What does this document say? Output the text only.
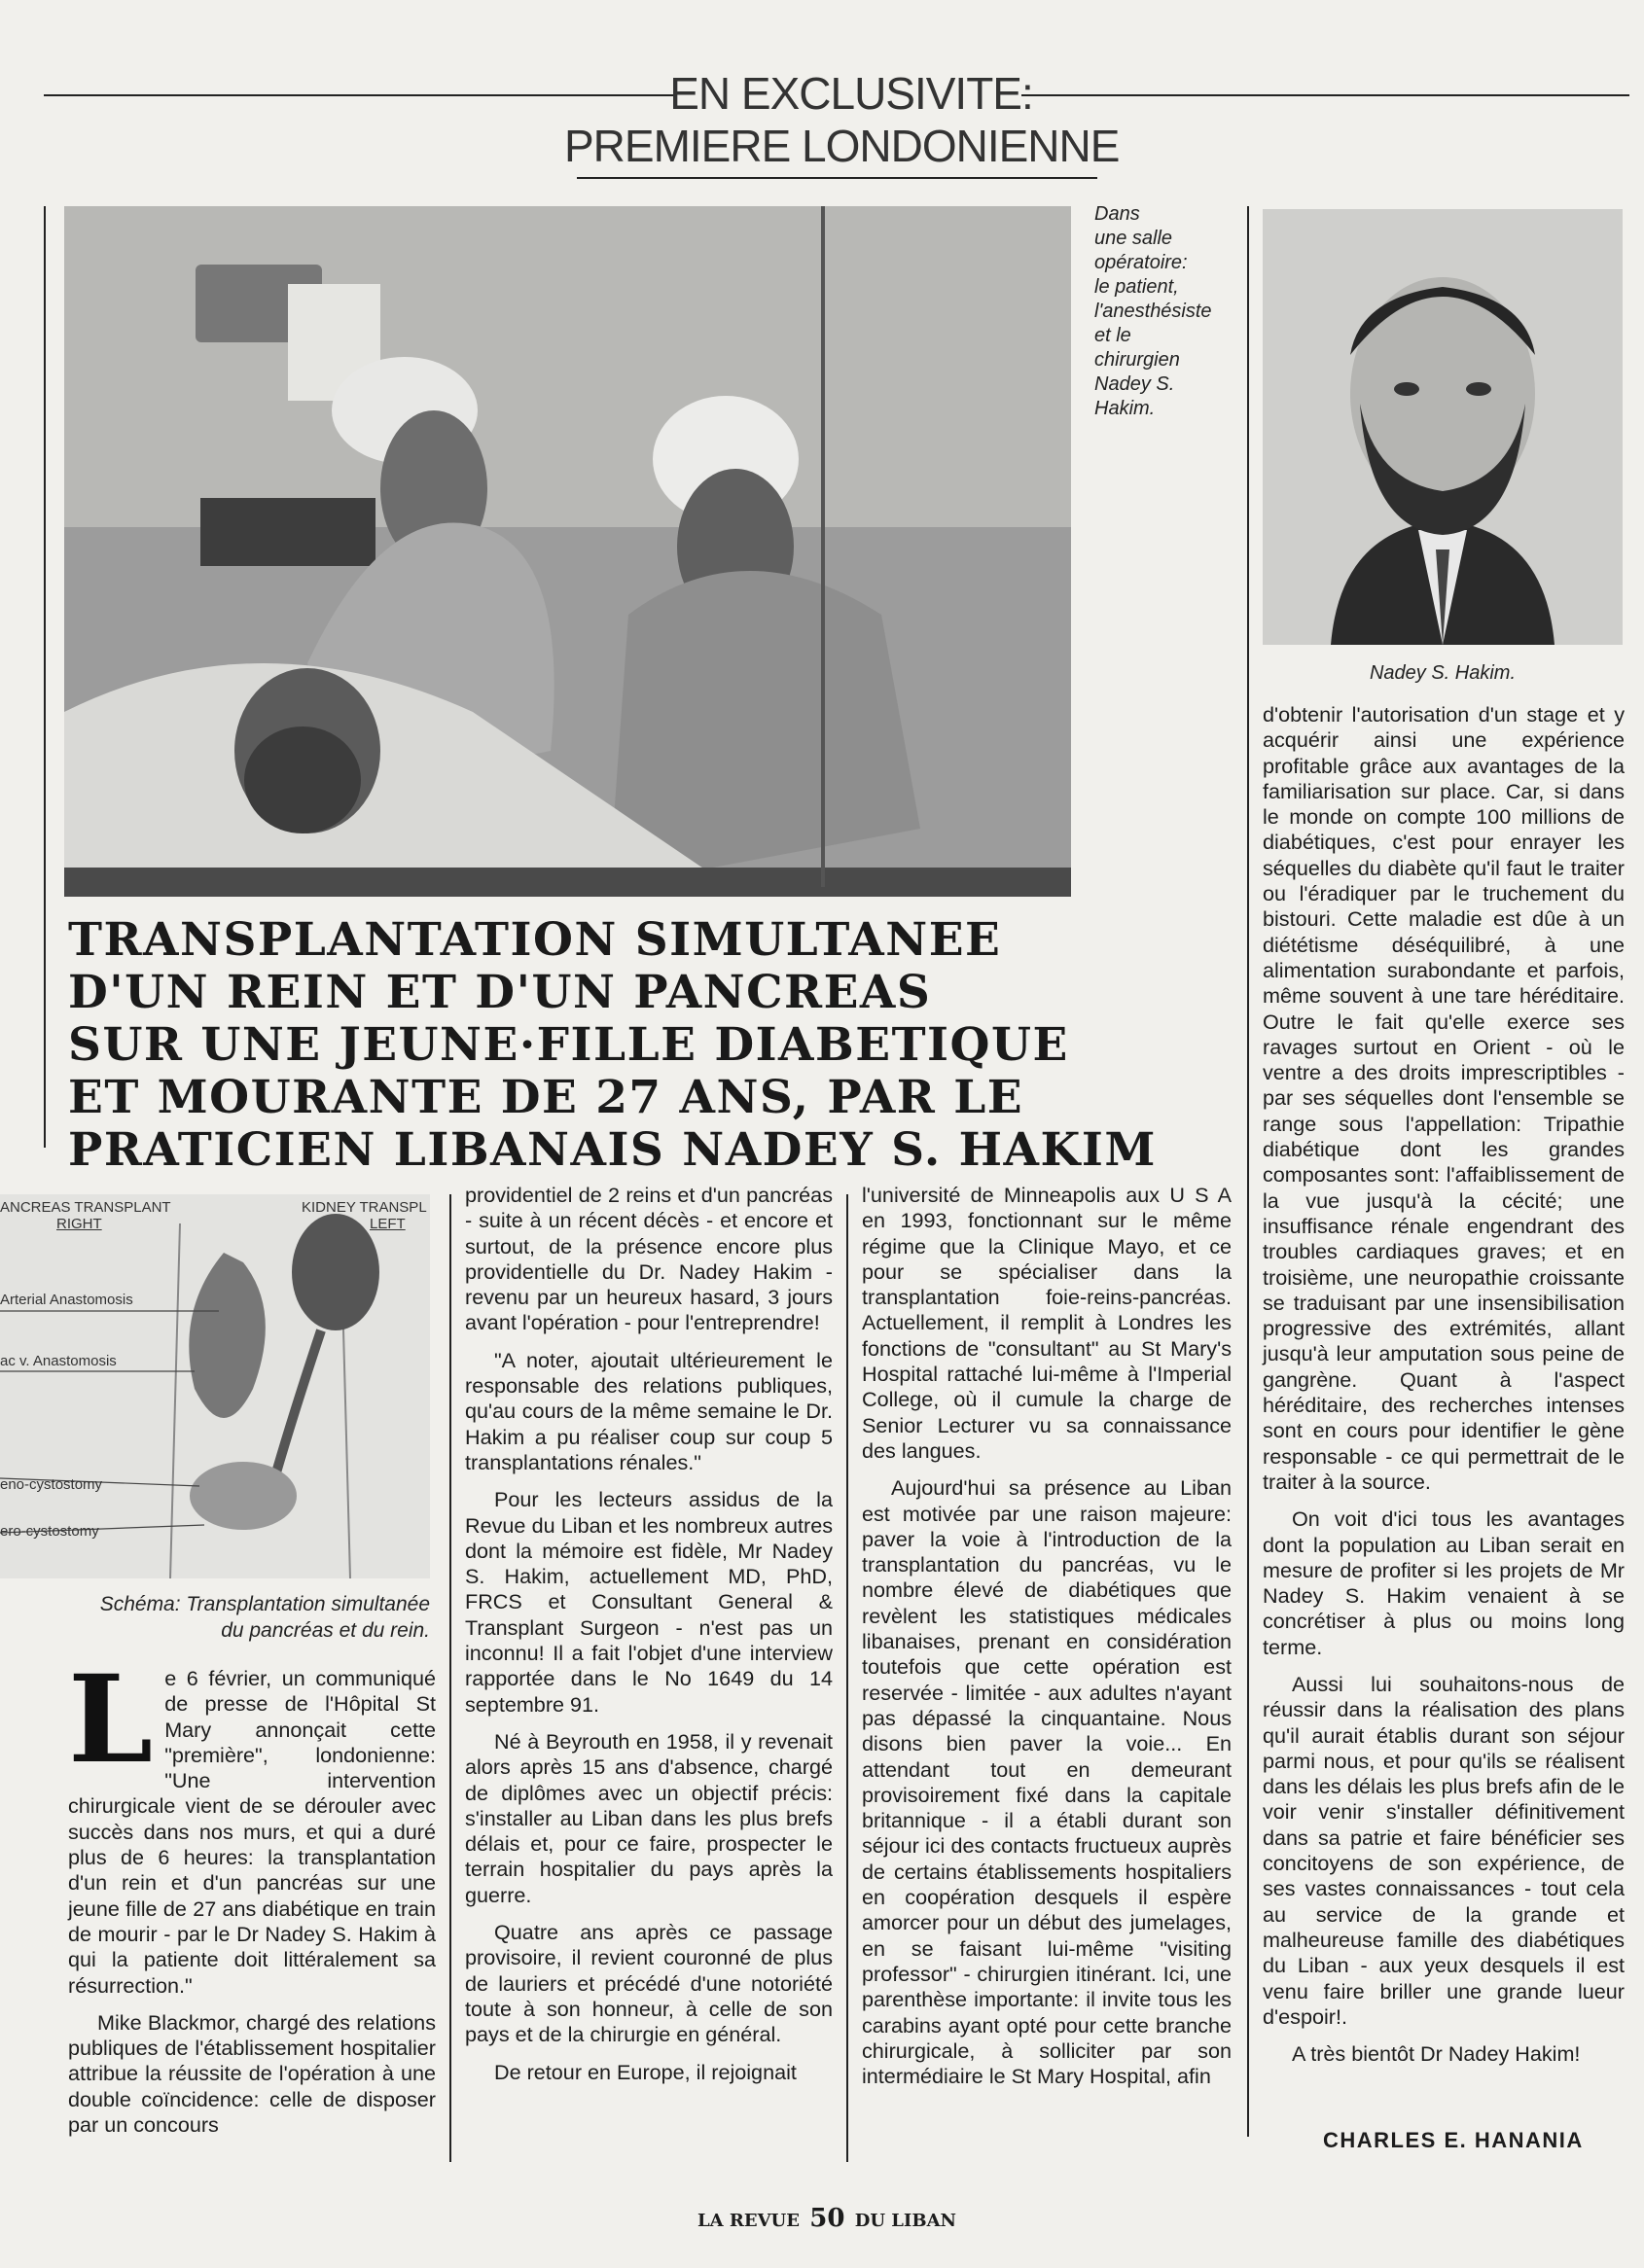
EN EXCLUSIVITE:
PREMIERE LONDONIENNE
Dans
une salle
opératoire:
le patient,
l'anesthésiste
et le
chirurgien
Nadey S.
Hakim.
Nadey S. Hakim.
TRANSPLANTATION SIMULTANEE
D'UN REIN ET D'UN PANCREAS
SUR UNE JEUNE·FILLE DIABETIQUE
ET MOURANTE DE 27 ANS, PAR LE
PRATICIEN LIBANAIS NADEY S. HAKIM
ANCREAS TRANSPLANT
RIGHT
KIDNEY TRANSPL
LEFT
Arterial Anastomosis
ac v. Anastomosis
eno-cystostomy
ero-cystostomy
Schéma: Transplantation simultanée
du pancréas et du rein.

Le 6 février, un communiqué de presse de l'Hôpital St Mary annonçait cette "première", londonienne: "Une intervention chirurgicale vient de se dérouler avec succès dans nos murs, et qui a duré plus de 6 heures: la transplantation d'un rein et d'un pancréas sur une jeune fille de 27 ans diabétique en train de mourir - par le Dr Nadey S. Hakim à qui la patiente doit littéralement sa résurrection."

Mike Blackmor, chargé des relations publiques de l'établissement hospitalier attribue la réussite de l'opération à une double coïncidence: celle de disposer par un concours

providentiel de 2 reins et d'un pancréas - suite à un récent décès - et encore et surtout, de la présence encore plus providentielle du Dr. Nadey Hakim - revenu par un heureux hasard, 3 jours avant l'opération - pour l'entreprendre!

"A noter, ajoutait ultérieurement le responsable des relations publiques, qu'au cours de la même semaine le Dr. Hakim a pu réaliser coup sur coup 5 transplantations rénales."

Pour les lecteurs assidus de la Revue du Liban et les nombreux autres dont la mémoire est fidèle, Mr Nadey S. Hakim, actuellement MD, PhD, FRCS et Consultant General & Transplant Surgeon - n'est pas un inconnu! Il a fait l'objet d'une interview rapportée dans le No 1649 du 14 septembre 91.

Né à Beyrouth en 1958, il y revenait alors après 15 ans d'absence, chargé de diplômes avec un objectif précis: s'installer au Liban dans les plus brefs délais et, pour ce faire, prospecter le terrain hospitalier du pays après la guerre.

Quatre ans après ce passage provisoire, il revient couronné de plus de lauriers et précédé d'une notoriété toute à son honneur, à celle de son pays et de la chirurgie en général.

De retour en Europe, il rejoignait

l'université de Minneapolis aux U S A en 1993, fonctionnant sur le même régime que la Clinique Mayo, et ce pour se spécialiser dans la transplantation foie-reins-pancréas. Actuellement, il remplit à Londres les fonctions de "consultant" au St Mary's Hospital rattaché lui-même à l'Imperial College, où il cumule la charge de Senior Lecturer vu sa connaissance des langues.

Aujourd'hui sa présence au Liban est motivée par une raison majeure: paver la voie à l'introduction de la transplantation du pancréas, vu le nombre élevé de diabétiques que revèlent les statistiques médicales libanaises, prenant en considération toutefois que cette opération est reservée - limitée - aux adultes n'ayant pas dépassé la cinquantaine. Nous disons bien paver la voie... En attendant tout en demeurant provisoirement fixé dans la capitale britannique - il a établi durant son séjour ici des contacts fructueux auprès de certains établissements hospitaliers en coopération desquels il espère amorcer pour un début des jumelages, en se faisant lui-même "visiting professor" - chirurgien itinérant. Ici, une parenthèse importante: il invite tous les carabins ayant opté pour cette branche chirurgicale, à solliciter par son intermédiaire le St Mary Hospital, afin

d'obtenir l'autorisation d'un stage et y acquérir ainsi une expérience profitable grâce aux avantages de la familiarisation sur place. Car, si dans le monde on compte 100 millions de diabétiques, c'est pour enrayer les séquelles du diabète qu'il faut le traiter ou l'éradiquer par le truchement du bistouri. Cette maladie est dûe à un diététisme déséquilibré, à une alimentation surabondante et parfois, même souvent à une tare héréditaire. Outre le fait qu'elle exerce ses ravages surtout en Orient - où le ventre a des droits imprescriptibles - par ses séquelles dont l'ensemble se range sous l'appellation: Tripathie diabétique dont les grandes composantes sont: l'affaiblissement de la vue jusqu'à la cécité; une insuffisance rénale engendrant des troubles cardiaques graves; et en troisième, une neuropathie croissante se traduisant par une insensibilisation progressive des extrémités, allant jusqu'à leur amputation sous peine de gangrène. Quant à l'aspect héréditaire, des recherches intenses sont en cours pour identifier le gène responsable - ce qui permettrait de le traiter à la source.

On voit d'ici tous les avantages dont la population au Liban serait en mesure de profiter si les projets de Mr Nadey S. Hakim venaient à se concrétiser à plus ou moins long terme.

Aussi lui souhaitons-nous de réussir dans la réalisation des plans qu'il aurait établis durant son séjour parmi nous, et pour qu'ils se réalisent dans les délais les plus brefs afin de le voir venir s'installer définitivement dans sa patrie et faire bénéficier ses concitoyens de son expérience, de ses vastes connaissances - tout cela au service de la grande et malheureuse famille des diabétiques du Liban - aux yeux desquels il est venu faire briller une grande lueur d'espoir!.

A très bientôt Dr Nadey Hakim!

CHARLES E. HANANIA
LA REVUE 50 DU LIBAN
